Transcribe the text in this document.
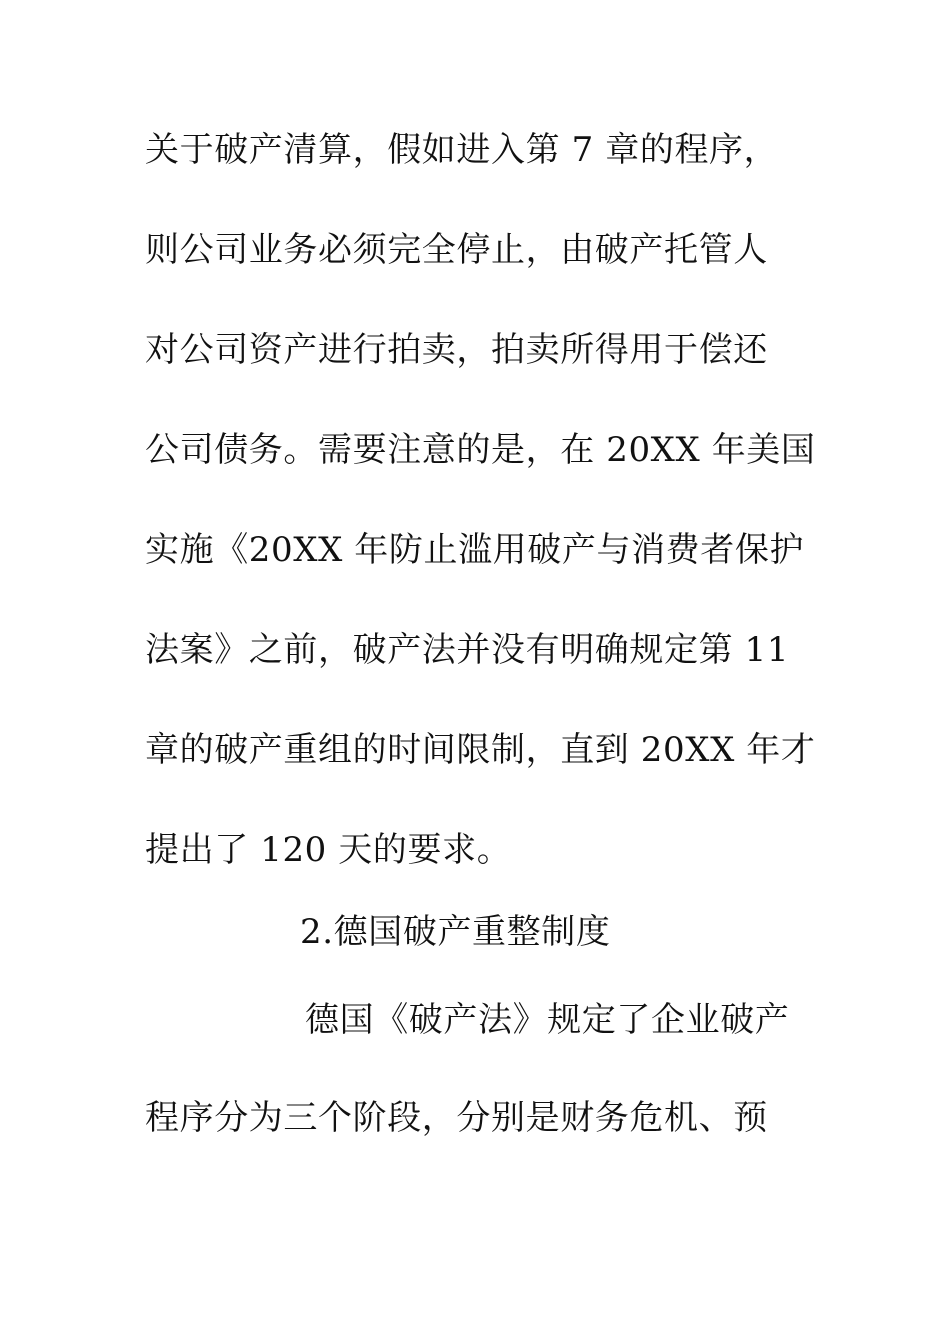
关于破产清算，假如进入第 7 章的程序，
则公司业务必须完全停止，由破产托管人
对公司资产进行拍卖，拍卖所得用于偿还
公司债务。需要注意的是，在 20XX 年美国
实施《20XX 年防止滥用破产与消费者保护
法案》之前，破产法并没有明确规定第 11
章的破产重组的时间限制，直到 20XX 年才
提出了 120 天的要求。
2.德国破产重整制度
德国《破产法》规定了企业破产
程序分为三个阶段，分别是财务危机、预
